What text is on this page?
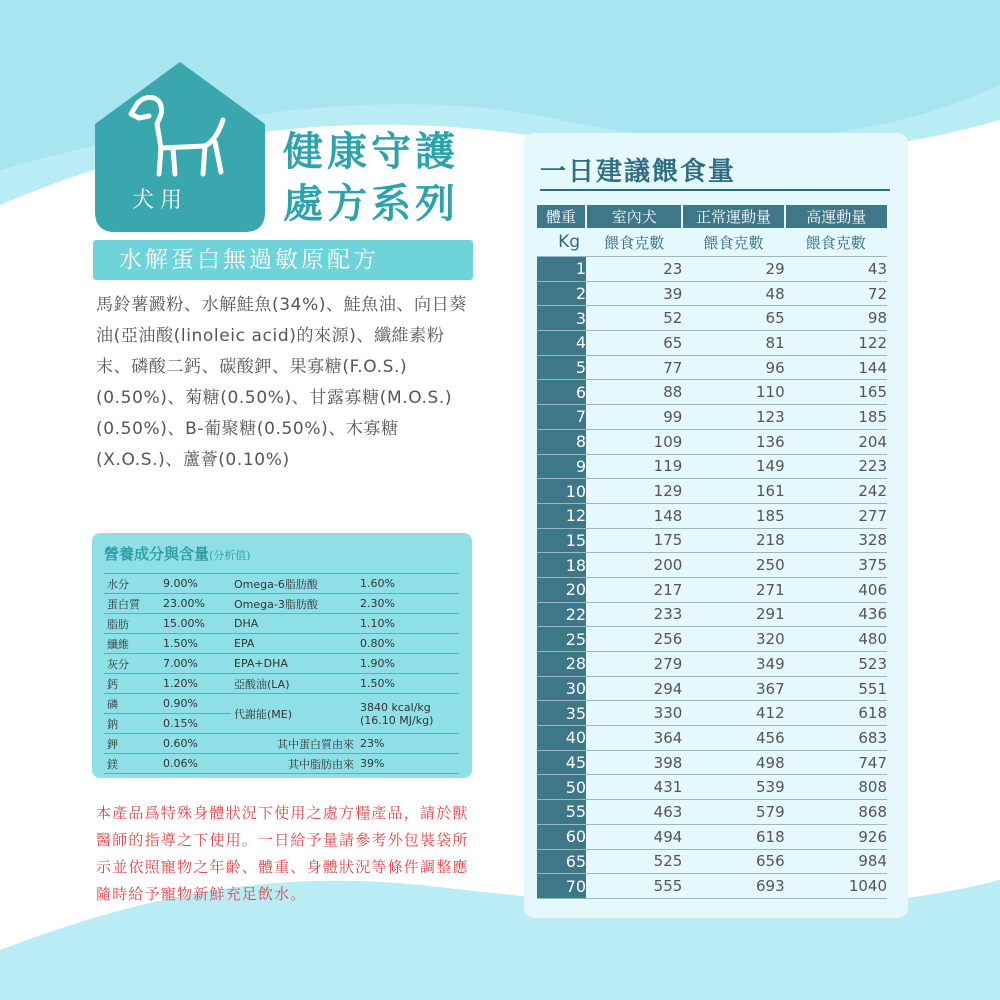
犬用
健康守護
處方系列
水解蛋白無過敏原配方

馬鈴薯澱粉、水解鮭魚(34%)、鮭魚油、向日葵油(亞油酸(linoleic acid)的來源)、纖維素粉末、磷酸二鈣、碳酸鉀、果寡糖(F.O.S.)(0.50%)、菊糖(0.50%)、甘露寡糖(M.O.S.)(0.50%)、B-葡聚糖(0.50%)、木寡糖(X.O.S.)、蘆薈(0.10%)

營養成分與含量(分析值)

水分	9.00%	Omega-6脂肪酸	1.60%
蛋白質	23.00%	Omega-3脂肪酸	2.30%
脂肪	15.00%	DHA	1.10%
纖維	1.50%	EPA	0.80%
灰分	7.00%	EPA+DHA	1.90%
鈣	1.20%	亞酸油(LA)	1.50%
磷	0.90%	代謝能(ME)	3840 kcal/kg
(16.10 MJ/kg)

鈉	0.15%		
鉀	0.60%	其中蛋白質由來	23%
鎂	0.06%	其中脂肪由來	39%

本產品爲特殊身體狀況下使用之處方糧產品，請於獸醫師的指導之下使用。一日給予量請參考外包裝袋所示並依照寵物之年齡、體重、身體狀況等條件調整應隨時給予寵物新鮮充足飲水。

一日建議餵食量
體重	室內犬	正常運動量	高運動量
Kg	餵食克數	餵食克數	餵食克數
1	23	29	43
2	39	48	72
3	52	65	98
4	65	81	122
5	77	96	144
6	88	110	165
7	99	123	185
8	109	136	204
9	119	149	223
10	129	161	242
12	148	185	277
15	175	218	328
18	200	250	375
20	217	271	406
22	233	291	436
25	256	320	480
28	279	349	523
30	294	367	551
35	330	412	618
40	364	456	683
45	398	498	747
50	431	539	808
55	463	579	868
60	494	618	926
65	525	656	984
70	555	693	1040
